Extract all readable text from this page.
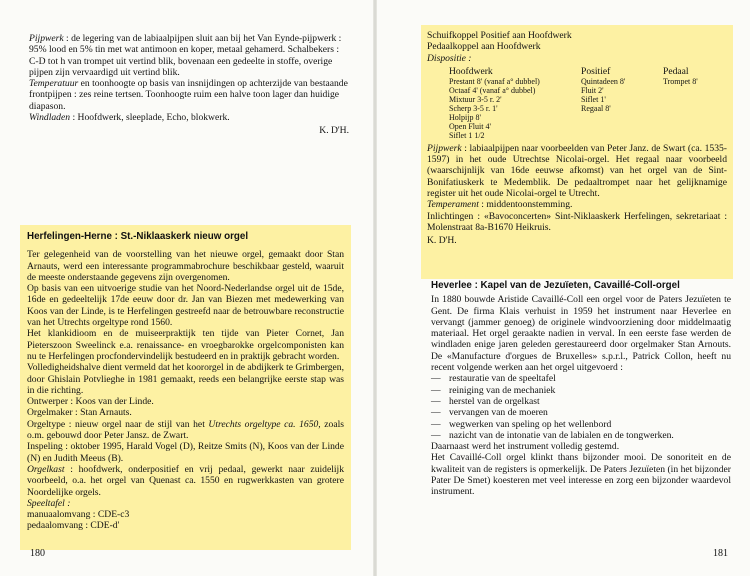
Pijpwerk : de legering van de labiaalpijpen sluit aan bij het Van Eynde-pijpwerk : 95% lood en 5% tin met wat antimoon en koper, metaal gehamerd. Schalbekers : C-D tot h van trompet uit vertind blik, bovenaan een gedeelte in stoffe, overige pijpen zijn vervaardigd uit vertind blik.

Temperatuur en toonhoogte op basis van insnijdingen op achterzijde van bestaande frontpijpen : zes reine tertsen. Toonhoogte ruim een halve toon lager dan huidige diapason.

Windladen : Hoofdwerk, sleeplade, Echo, blokwerk.

K. D'H.

Herfelingen-Herne : St.-Niklaaskerk nieuw orgel

Ter gelegenheid van de voorstelling van het nieuwe orgel, gemaakt door Stan Arnauts, werd een interessante programmabrochure beschikbaar gesteld, waaruit de meeste onderstaande gegevens zijn overgenomen.

Op basis van een uitvoerige studie van het Noord-Nederlandse orgel uit de 15de, 16de en gedeeltelijk 17de eeuw door dr. Jan van Biezen met medewerking van Koos van der Linde, is te Herfelingen gestreefd naar de betrouwbare reconstructie van het Utrechts orgeltype rond 1560.

Het klankidioom en de muiseerpraktijk ten tijde van Pieter Cornet, Jan Pieterszoon Sweelinck e.a. renaissance- en vroegbarokke orgelcomponisten kan nu te Herfelingen procfondervindelijk bestudeerd en in praktijk gebracht worden.

Volledigheidshalve dient vermeld dat het koororgel in de abdijkerk te Grimbergen, door Ghislain Potvlieghe in 1981 gemaakt, reeds een belangrijke eerste stap was in die richting.

Ontwerper : Koos van der Linde.

Orgelmaker : Stan Arnauts.

Orgeltype : nieuw orgel naar de stijl van het Utrechts orgeltype ca. 1650, zoals o.m. gebouwd door Peter Jansz. de Zwart.

Inspeling : oktober 1995, Harald Vogel (D), Reitze Smits (N), Koos van der Linde (N) en Judith Meeus (B).

Orgelkast : hoofdwerk, onderpositief en vrij pedaal, gewerkt naar zuidelijk voorbeeld, o.a. het orgel van Quenast ca. 1550 en rugwerkkasten van grotere Noordelijke orgels.

Speeltafel :

manuaalomvang : CDE-c3

pedaalomvang : CDE-d'

180

Schuifkoppel Positief aan Hoofdwerk

Pedaalkoppel aan Hoofdwerk

Dispositie :

Hoofdwerk
Prestant 8' (vanaf a° dubbel)
Octaaf 4' (vanaf a° dubbel)
Mixtuur 3-5 r. 2'
Scherp 3-5 r. 1'
Holpijp 8'
Open Fluit 4'
Siflet 1 1/2
Positief
Quintadeen 8'
Fluit 2'
Siflet 1'
Regaal 8'
Pedaal
Trompet 8'

Pijpwerk : labiaalpijpen naar voorbeelden van Peter Janz. de Swart (ca. 1535-1597) in het oude Utrechtse Nicolai-orgel. Het regaal naar voorbeeld (waarschijnlijk van 16de eeuwse afkomst) van het orgel van de Sint-Bonifatiuskerk te Medemblik. De pedaaltrompet naar het gelijknamige register uit het oude Nicolai-orgel te Utrecht.

Temperament : middentoonstemming.

Inlichtingen : «Bavoconcerten» Sint-Niklaaskerk Herfelingen, sekretariaat : Molenstraat 8a-B1670 Heikruis.

K. D'H.

Heverlee : Kapel van de Jezuïeten, Cavaillé-Coll-orgel

In 1880 bouwde Aristide Cavaillé-Coll een orgel voor de Paters Jezuïeten te Gent. De firma Klais verhuist in 1959 het instrument naar Heverlee en vervangt (jammer genoeg) de originele windvoorziening door middelmaatig materiaal. Het orgel geraakte nadien in verval. In een eerste fase werden de windladen enige jaren geleden gerestaureerd door orgelmaker Stan Arnouts. De «Manufacture d'orgues de Bruxelles» s.p.r.l., Patrick Collon, heeft nu recent volgende werken aan het orgel uitgevoerd :

— restauratie van de speeltafel
— reiniging van de mechaniek
— herstel van de orgelkast
— vervangen van de moeren
— wegwerken van speling op het wellenbord
— nazicht van de intonatie van de labialen en de tongwerken.

Daarnaast werd het instrument volledig gestemd.

Het Cavaillé-Coll orgel klinkt thans bijzonder mooi. De sonoriteit en de kwaliteit van de registers is opmerkelijk. De Paters Jezuïeten (in het bijzonder Pater De Smet) koesteren met veel interesse en zorg een bijzonder waardevol instrument.

181
